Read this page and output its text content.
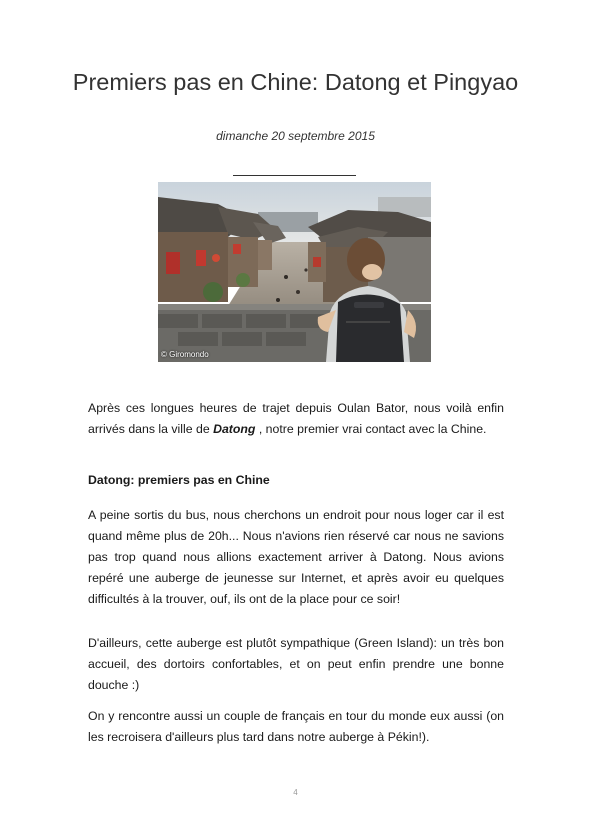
Premiers pas en Chine: Datong et Pingyao
dimanche 20 septembre 2015
© Giromondo

Après ces longues heures de trajet depuis Oulan Bator, nous voilà enfin arrivés dans la ville de Datong , notre premier vrai contact avec la Chine.

Datong: premiers pas en Chine

A peine sortis du bus, nous cherchons un endroit pour nous loger car il est quand même plus de 20h... Nous n'avions rien réservé car nous ne savions pas trop quand nous allions exactement arriver à Datong. Nous avions repéré une auberge de jeunesse sur Internet, et après avoir eu quelques difficultés à la trouver, ouf, ils ont de la place pour ce soir!

D'ailleurs, cette auberge est plutôt sympathique (Green Island): un très bon accueil, des dortoirs confortables, et on peut enfin prendre une bonne douche :)

On y rencontre aussi un couple de français en tour du monde eux aussi (on les recroisera d'ailleurs plus tard dans notre auberge à Pékin!).

4
